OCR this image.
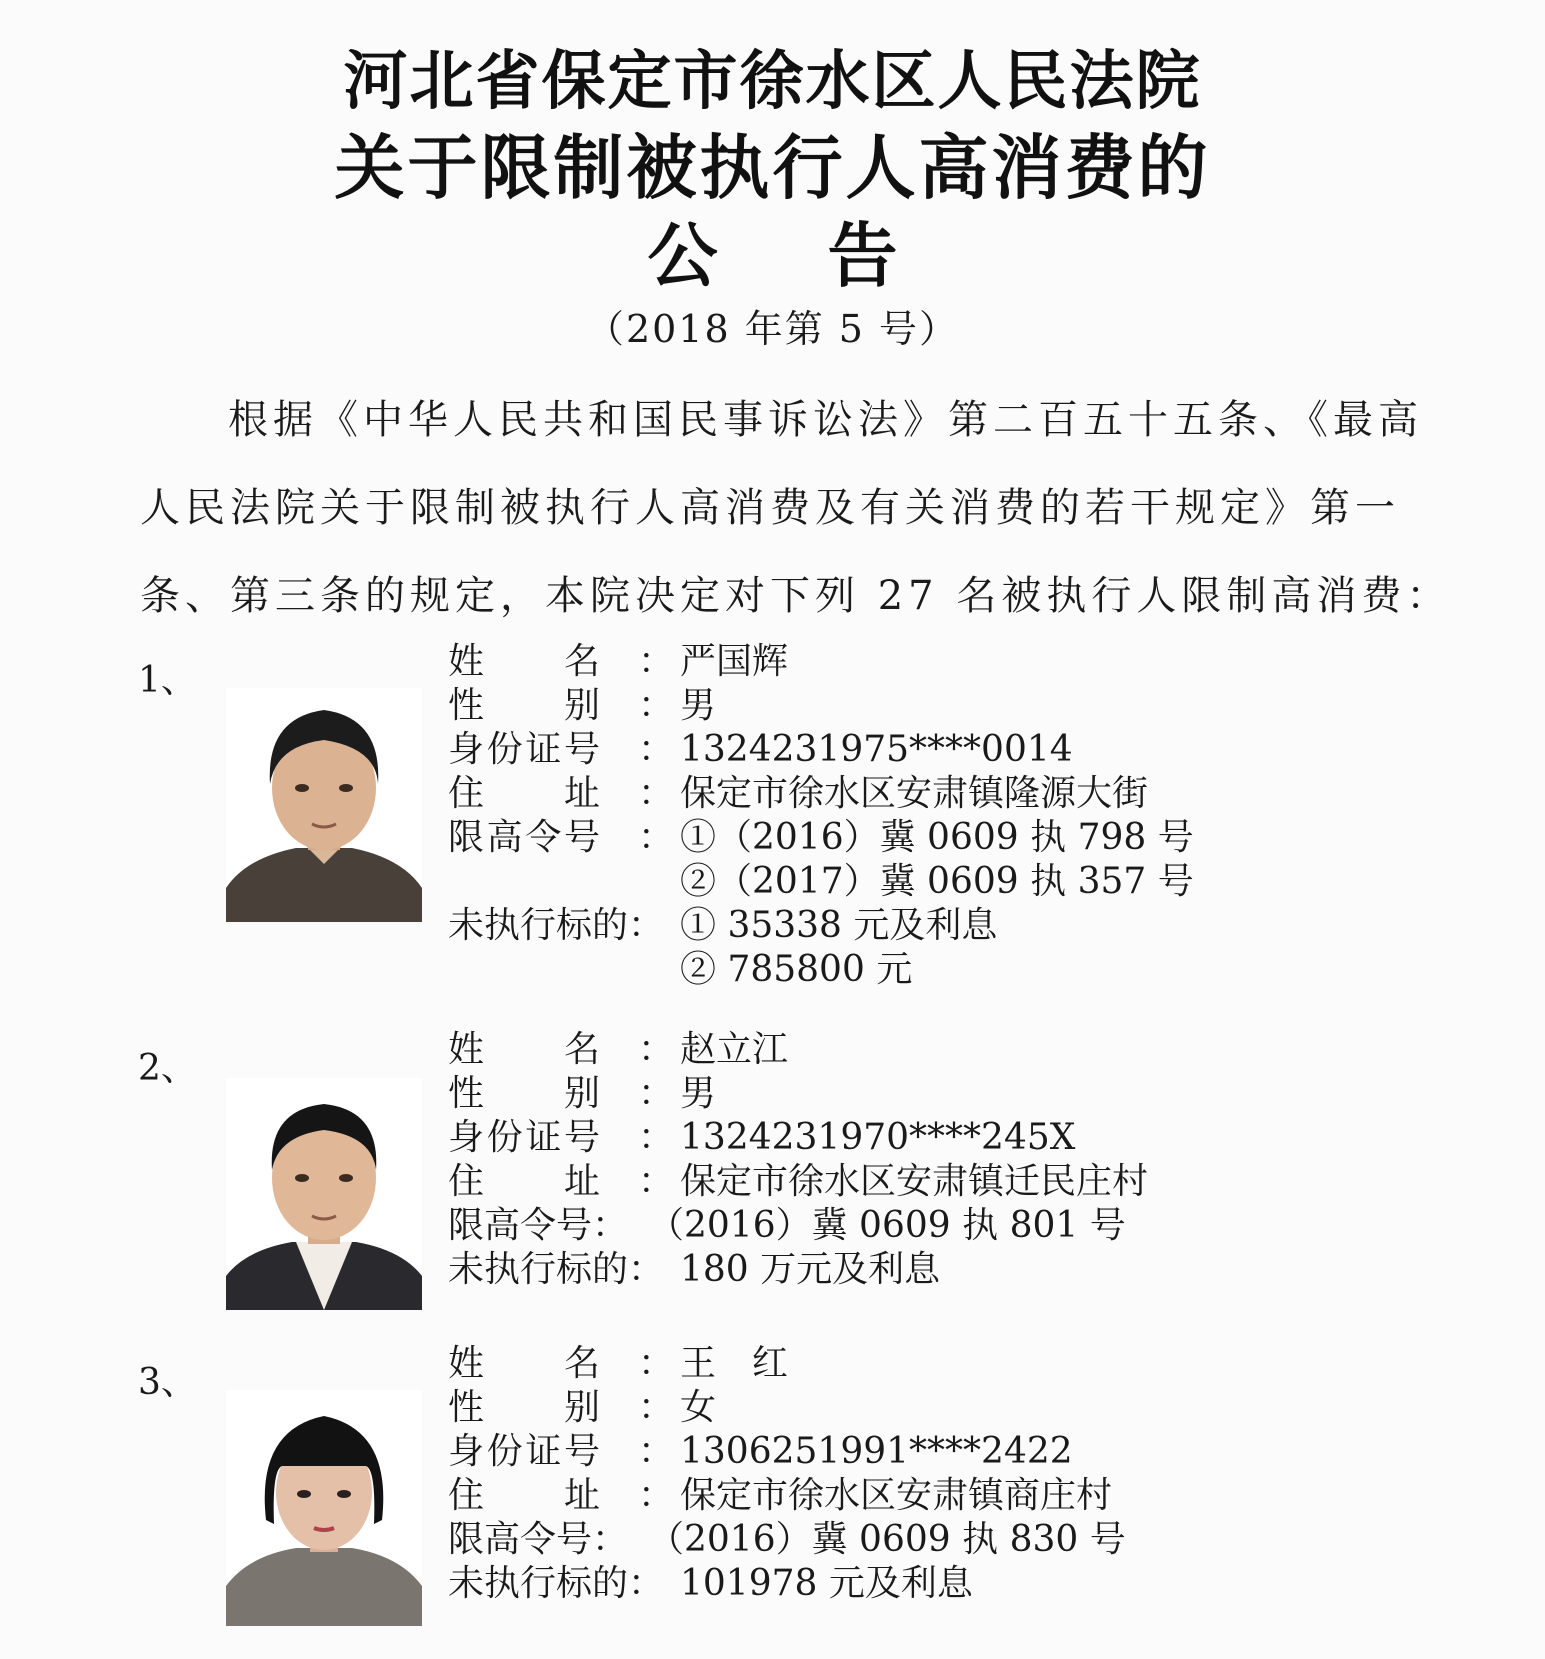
河北省保定市徐水区人民法院
关于限制被执行人高消费的
公告
（2018 年第 5 号）
根据《中华人民共和国民事诉讼法》第二百五十五条、《最高
人民法院关于限制被执行人高消费及有关消费的若干规定》第一
条、第三条的规定，本院决定对下列 27 名被执行人限制高消费：
1、	姓 名 ： 严国辉
性 别 ： 男
身 份 证 号 ： 1324231975****0014
住 址 ： 保定市徐水区安肃镇隆源大街
限 高 令 号 ： ①（2016）冀 0609 执 798 号
②（2017）冀 0609 执 357 号
未执行标的： ① 35338 元及利息
② 785800 元
2、	姓 名 ： 赵立江
性 别 ： 男
身 份 证 号 ： 1324231970****245X
住 址 ： 保定市徐水区安肃镇迁民庄村
限高令号： （2016）冀 0609 执 801 号
未执行标的： 180 万元及利息
3、	姓 名 ： 王　红
性 别 ： 女
身 份 证 号 ： 1306251991****2422
住 址 ： 保定市徐水区安肃镇商庄村
限高令号： （2016）冀 0609 执 830 号
未执行标的： 101978 元及利息
